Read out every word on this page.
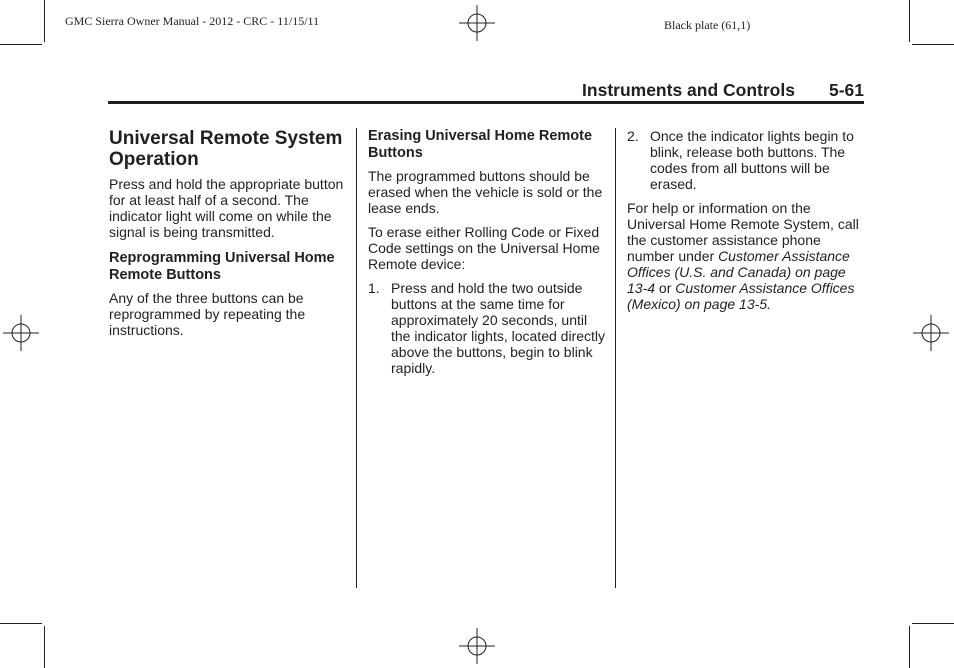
GMC Sierra Owner Manual - 2012 - CRC - 11/15/11	Black plate (61,1)
Instruments and Controls 5-61
Universal Remote System Operation

Press and hold the appropriate button for at least half of a second. The indicator light will come on while the signal is being transmitted.

Reprogramming Universal Home Remote Buttons

Any of the three buttons can be reprogrammed by repeating the instructions.

Erasing Universal Home Remote Buttons

The programmed buttons should be erased when the vehicle is sold or the lease ends.

To erase either Rolling Code or Fixed Code settings on the Universal Home Remote device:

1. Press and hold the two outside buttons at the same time for approximately 20 seconds, until the indicator lights, located directly above the buttons, begin to blink rapidly.
2. Once the indicator lights begin to blink, release both buttons. The codes from all buttons will be erased.

For help or information on the Universal Home Remote System, call the customer assistance phone number under Customer Assistance Offices (U.S. and Canada) on page 13-4 or Customer Assistance Offices (Mexico) on page 13-5.
